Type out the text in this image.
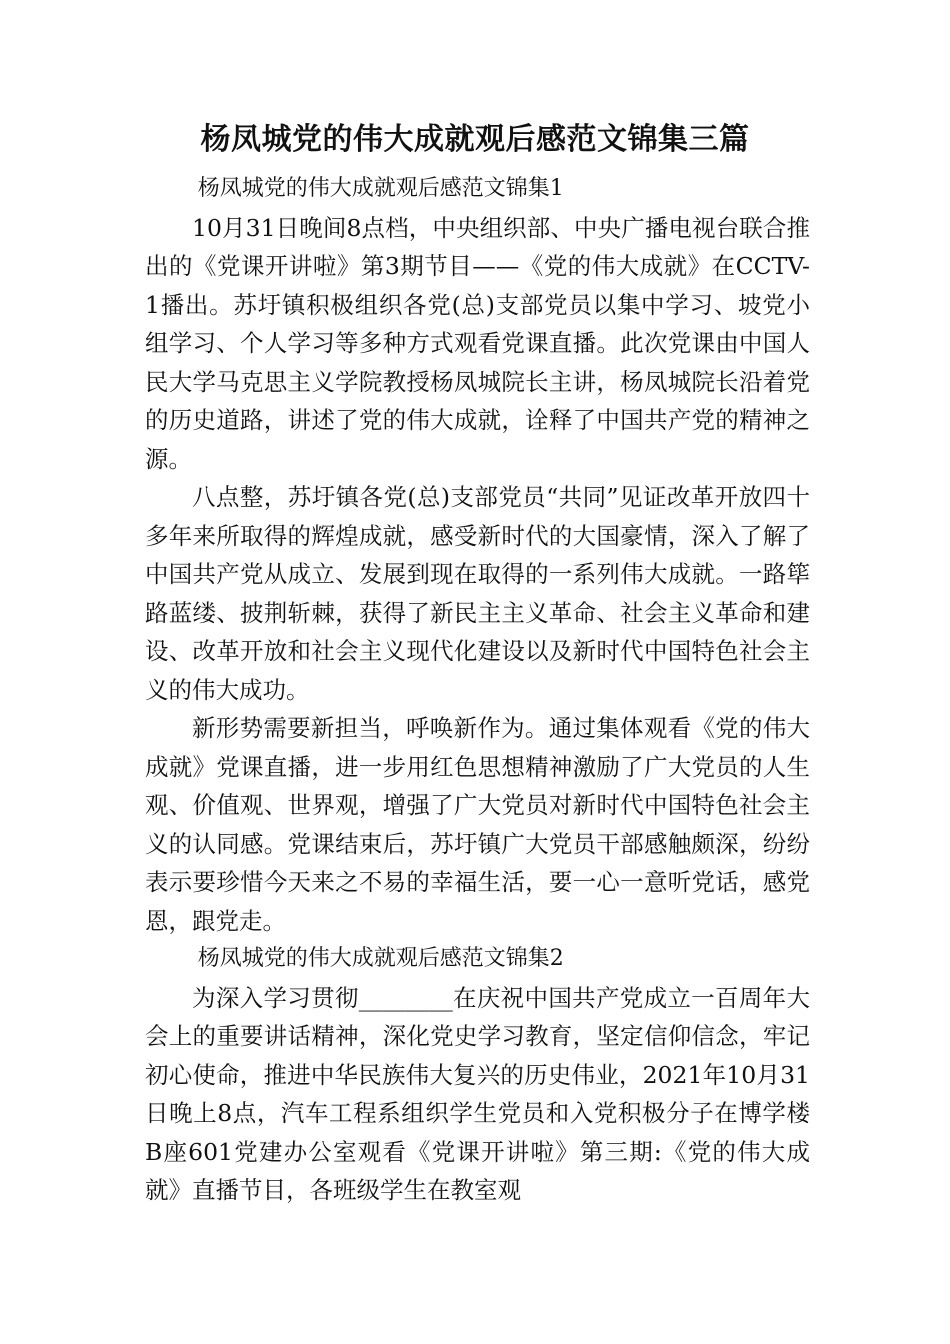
杨凤城党的伟大成就观后感范文锦集三篇

杨凤城党的伟大成就观后感范文锦集1

10月31日晚间8点档，中央组织部、中央广播电视台联合推出的《党课开讲啦》第3期节目——《党的伟大成就》在CCTV-1播出。苏圩镇积极组织各党(总)支部党员以集中学习、坡党小组学习、个人学习等多种方式观看党课直播。此次党课由中国人民大学马克思主义学院教授杨凤城院长主讲，杨凤城院长沿着党的历史道路，讲述了党的伟大成就，诠释了中国共产党的精神之源。

八点整，苏圩镇各党(总)支部党员“共同”见证改革开放四十多年来所取得的辉煌成就，感受新时代的大国豪情，深入了解了中国共产党从成立、发展到现在取得的一系列伟大成就。一路筚路蓝缕、披荆斩棘，获得了新民主主义革命、社会主义革命和建设、改革开放和社会主义现代化建设以及新时代中国特色社会主义的伟大成功。

新形势需要新担当，呼唤新作为。通过集体观看《党的伟大成就》党课直播，进一步用红色思想精神激励了广大党员的人生观、价值观、世界观，增强了广大党员对新时代中国特色社会主义的认同感。党课结束后，苏圩镇广大党员干部感触颇深，纷纷表示要珍惜今天来之不易的幸福生活，要一心一意听党话，感党恩，跟党走。

杨凤城党的伟大成就观后感范文锦集2

为深入学习贯彻________在庆祝中国共产党成立一百周年大会上的重要讲话精神，深化党史学习教育，坚定信仰信念，牢记初心使命，推进中华民族伟大复兴的历史伟业，2021年10月31日晚上8点，汽车工程系组织学生党员和入党积极分子在博学楼B座601党建办公室观看《党课开讲啦》第三期:《党的伟大成就》直播节目，各班级学生在教室观
